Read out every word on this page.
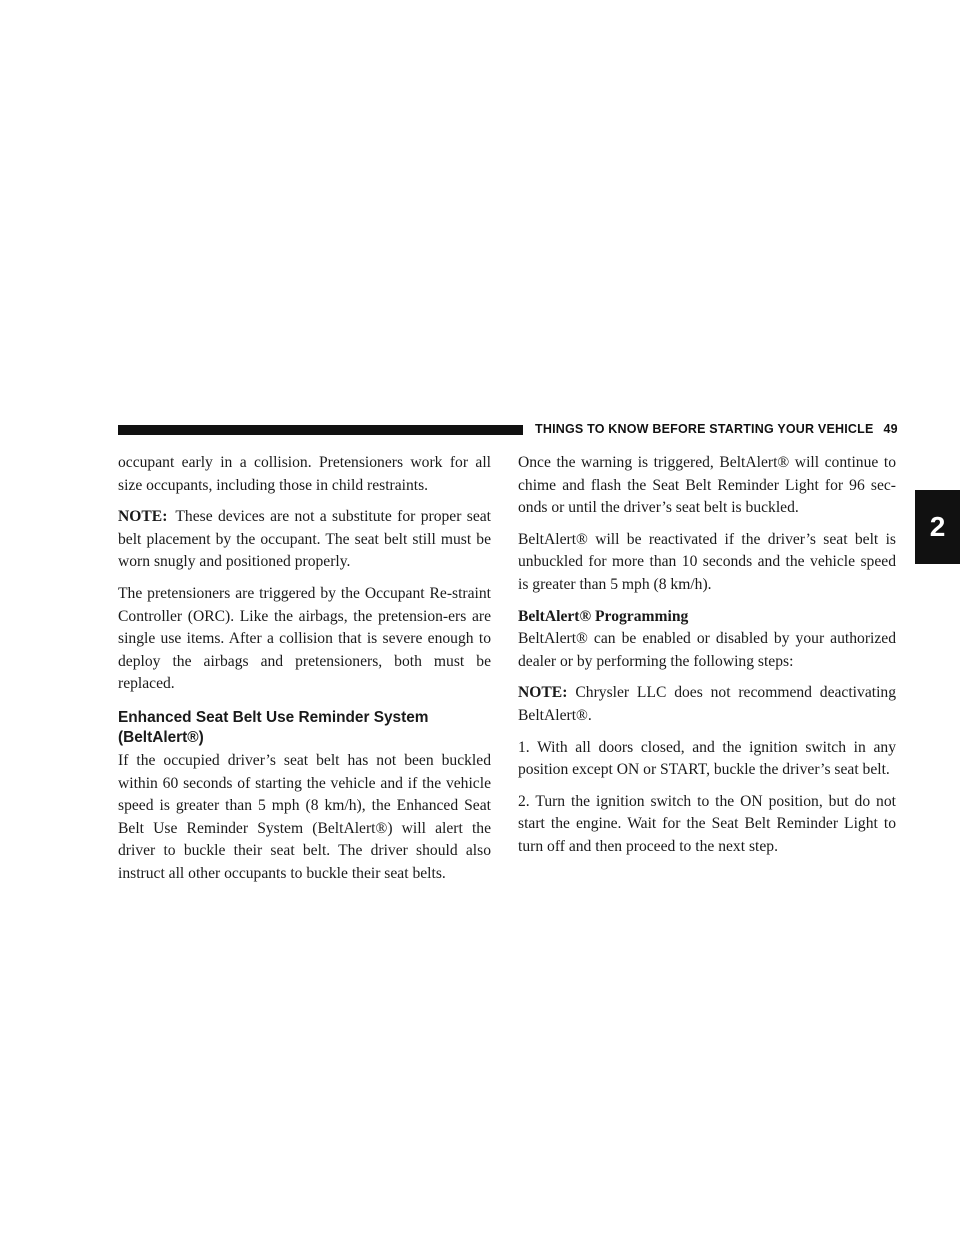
THINGS TO KNOW BEFORE STARTING YOUR VEHICLE 49
2

occupant early in a collision. Pretensioners work for all size occupants, including those in child restraints.

NOTE: These devices are not a substitute for proper seat belt placement by the occupant. The seat belt still must be worn snugly and positioned properly.

The pretensioners are triggered by the Occupant Re-straint Controller (ORC). Like the airbags, the pretension-ers are single use items. After a collision that is severe enough to deploy the airbags and pretensioners, both must be replaced.

Enhanced Seat Belt Use Reminder System (BeltAlert®)

If the occupied driver’s seat belt has not been buckled within 60 seconds of starting the vehicle and if the vehicle speed is greater than 5 mph (8 km/h), the Enhanced Seat Belt Use Reminder System (BeltAlert®) will alert the driver to buckle their seat belt. The driver should also instruct all other occupants to buckle their seat belts.

Once the warning is triggered, BeltAlert® will continue to chime and flash the Seat Belt Reminder Light for 96 sec-onds or until the driver’s seat belt is buckled.

BeltAlert® will be reactivated if the driver’s seat belt is unbuckled for more than 10 seconds and the vehicle speed is greater than 5 mph (8 km/h).

BeltAlert® Programming

BeltAlert® can be enabled or disabled by your authorized dealer or by performing the following steps:

NOTE: Chrysler LLC does not recommend deactivating BeltAlert®.

1. With all doors closed, and the ignition switch in any position except ON or START, buckle the driver’s seat belt.

2. Turn the ignition switch to the ON position, but do not start the engine. Wait for the Seat Belt Reminder Light to turn off and then proceed to the next step.
